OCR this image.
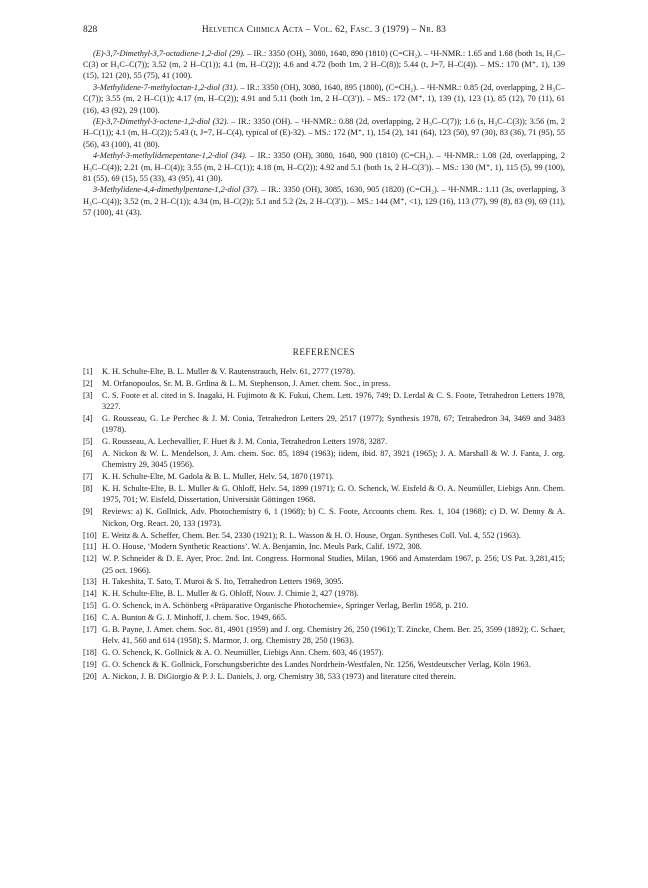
828	Helvetica Chimica Acta – Vol. 62, Fasc. 3 (1979) – Nr. 83

(E)-3,7-Dimethyl-3,7-octadiene-1,2-diol (29). – IR.: 3350 (OH), 3080, 1640, 890 (1810) (C=CH₂). – ¹H-NMR.: 1.65 and 1.68 (both 1s, H₃C–C(3) or H₃C–C(7)); 3.52 (m, 2 H–C(1)); 4.1 (m, H–C(2)); 4.6 and 4.72 (both 1m, 2 H–C(8)); 5.44 (t, J=7, H–C(4)). – MS.: 170 (M⁺, 1), 139 (15), 121 (20), 55 (75), 41 (100).

3-Methylidene-7-methyloctan-1,2-diol (31). – IR.: 3350 (OH), 3080, 1640, 895 (1800), (C=CH₂). – ¹H-NMR.: 0.85 (2d, overlapping, 2 H₃C–C(7)); 3.55 (m, 2 H–C(1)); 4.17 (m, H–C(2)); 4.91 and 5.11 (both 1m, 2 H–C(3′)). – MS.: 172 (M⁺, 1), 139 (1), 123 (1), 85 (12), 70 (11), 61 (16), 43 (92), 29 (100).

(E)-3,7-Dimethyl-3-octene-1,2-diol (32). – IR.: 3350 (OH). – ¹H-NMR.: 0.88 (2d, overlapping, 2 H₃C–C(7)); 1.6 (s, H₃C–C(3)); 3.56 (m, 2 H–C(1)); 4.1 (m, H–C(2)); 5.43 (t, J=7, H–C(4), typical of (E)-32). – MS.: 172 (M⁺, 1), 154 (2), 141 (64), 123 (50), 97 (30), 83 (36), 71 (95), 55 (56), 43 (100), 41 (80).

4-Methyl-3-methylidenepentane-1,2-diol (34). – IR.: 3350 (OH), 3080, 1640, 900 (1810) (C=CH₂). – ¹H-NMR.: 1.08 (2d, overlapping, 2 H₃C–C(4)); 2.21 (m, H–C(4)); 3.55 (m, 2 H–C(1)); 4.18 (m, H–C(2)); 4.92 and 5.1 (both 1s, 2 H–C(3′)). – MS.: 130 (M⁺, 1), 115 (5), 99 (100), 81 (55), 69 (15), 55 (33), 43 (95), 41 (30).

3-Methylidene-4,4-dimethylpentane-1,2-diol (37). – IR.: 3350 (OH), 3085, 1630, 905 (1820) (C=CH₂). – ¹H-NMR.: 1.11 (3s, overlapping, 3 H₃C–C(4)); 3.52 (m, 2 H–C(1)); 4.34 (m, H–C(2)); 5.1 and 5.2 (2s, 2 H–C(3′)). – MS.: 144 (M⁺, <1), 129 (16), 113 (77), 99 (8), 83 (9), 69 (11), 57 (100), 41 (43).

REFERENCES
[1]	K. H. Schulte-Elte, B. L. Muller & V. Rautenstrauch, Helv. 61, 2777 (1978).
[2]	M. Orfanopoulos, Sr. M. B. Grdina & L. M. Stephenson, J. Amer. chem. Soc., in press.
[3]	C. S. Foote et al. cited in S. Inagaki, H. Fujimoto & K. Fukui, Chem. Lett. 1976, 749; D. Lerdal & C. S. Foote, Tetrahedron Letters 1978, 3227.
[4]	G. Rousseau, G. Le Perchec & J. M. Conia, Tetrahedron Letters 29, 2517 (1977); Synthesis 1978, 67; Tetrahedron 34, 3469 and 3483 (1978).
[5]	G. Rousseau, A. Lechevallier, F. Huet & J. M. Conia, Tetrahedron Letters 1978, 3287.
[6]	A. Nickon & W. L. Mendelson, J. Am. chem. Soc. 85, 1894 (1963); iidem, ibid. 87, 3921 (1965); J. A. Marshall & W. J. Fanta, J. org. Chemistry 29, 3045 (1956).
[7]	K. H. Schulte-Elte, M. Gadola & B. L. Muller, Helv. 54, 1870 (1971).
[8]	K. H. Schulte-Elte, B. L. Muller & G. Ohloff, Helv. 54, 1899 (1971); G. O. Schenck, W. Eisfeld & O. A. Neumüller, Liebigs Ann. Chem. 1975, 701; W. Eisfeld, Dissertation, Universität Göttingen 1968.
[9]	Reviews: a) K. Gollnick, Adv. Photochemistry 6, 1 (1968); b) C. S. Foote, Accounts chem. Res. 1, 104 (1968); c) D. W. Denny & A. Nickon, Org. React. 20, 133 (1973).
[10] E. Weitz & A. Scheffer, Chem. Ber. 54, 2330 (1921); R. L. Wasson & H. O. House, Organ. Syntheses Coll. Vol. 4, 552 (1963).
[11] H. O. House, ‘Modern Synthetic Reactions’. W. A. Benjamin, Inc. Meuls Park, Calif. 1972, 308.
[12] W. P. Schneider & D. E. Ayer, Proc. 2nd. Int. Congress. Hormonal Studies, Milan, 1966 and Amsterdam 1967, p. 256; US Pat. 3,281,415; (25 oct. 1966).
[13] H. Takeshita, T. Sato, T. Muroi & S. Ito, Tetrahedron Letters 1969, 3095.
[14] K. H. Schulte-Elte, B. L. Muller & G. Ohloff, Nouv. J. Chimie 2, 427 (1978).
[15] G. O. Schenck, in A. Schönberg «Präparative Organische Photochemie», Springer Verlag, Berlin 1958, p. 210.
[16] C. A. Bunton & G. J. Minhoff, J. chem. Soc. 1949, 665.
[17] G. B. Payne, J. Amer. chem. Soc. 81, 4901 (1959) and J. org. Chemistry 26, 250 (1961); T. Zincke, Chem. Ber. 25, 3599 (1892); C. Schaer, Helv. 41, 560 and 614 (1958); S. Marmor, J. org. Chemistry 28, 250 (1963).
[18] G. O. Schenck, K. Gollnick & A. O. Neumüller, Liebigs Ann. Chem. 603, 46 (1957).
[19] G. O. Schenck & K. Gollnick, Forschungsberichte des Landes Nordrhein-Westfalen, Nr. 1256, Westdeutscher Verlag, Köln 1963.
[20] A. Nickon, J. B. DiGiorgio & P. J. L. Daniels, J. org. Chemistry 38, 533 (1973) and literature cited therein.
